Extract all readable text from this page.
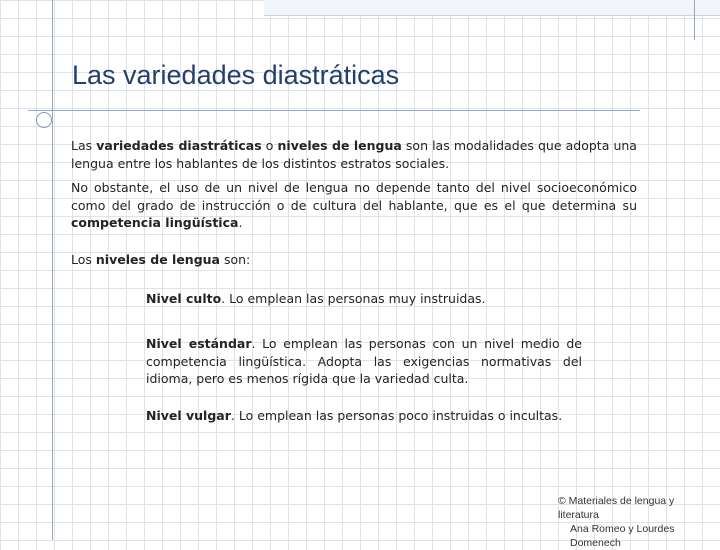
Las variedades diastráticas

Las variedades diastráticas o niveles de lengua son las modalidades que adopta una lengua entre los hablantes de los distintos estratos sociales.

No obstante, el uso de un nivel de lengua no depende tanto del nivel socioeconómico como del grado de instrucción o de cultura del hablante, que es el que determina su competencia lingüística.

Los niveles de lengua son:

Nivel culto. Lo emplean las personas muy instruidas.

Nivel estándar. Lo emplean las personas con un nivel medio de competencia lingüística. Adopta las exigencias normativas del idioma, pero es menos rígida que la variedad culta.

Nivel vulgar. Lo emplean las personas poco instruidas o incultas.

© Materiales de lengua y literatura
Ana Romeo y Lourdes Domenech
